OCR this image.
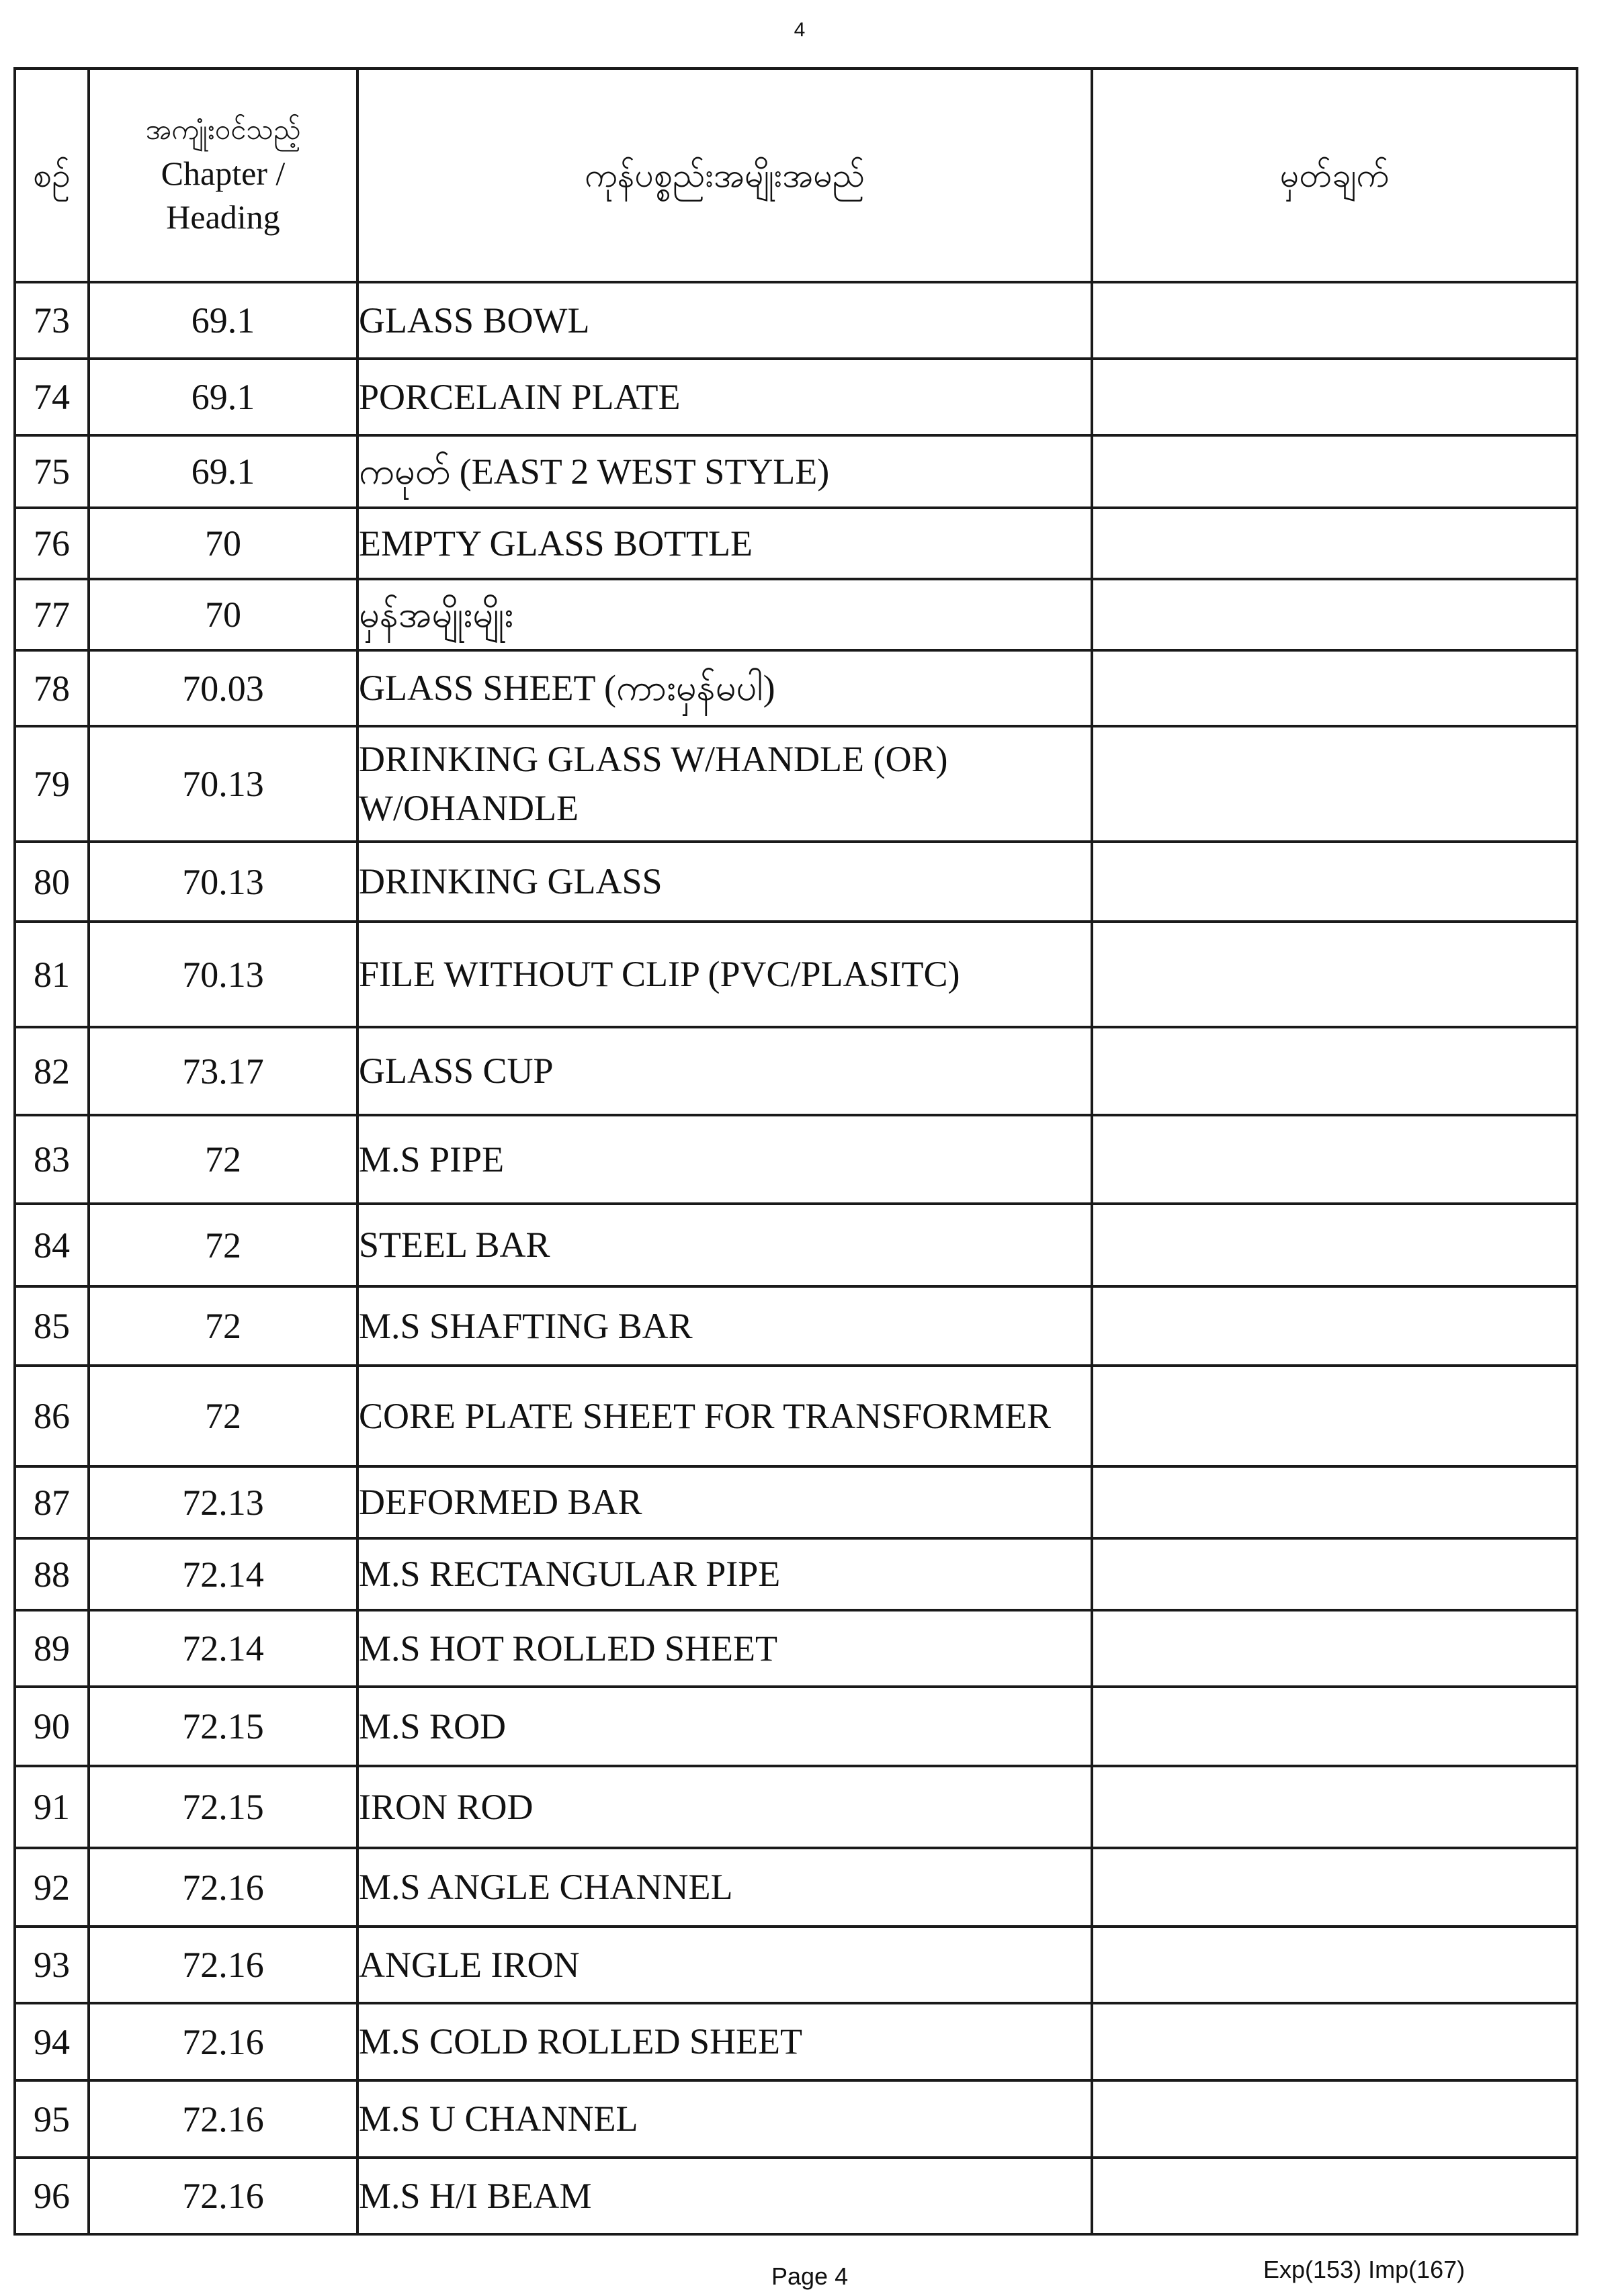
4
စဉ်	အကျုံးဝင်သည့်
Chapter /
Heading	ကုန်ပစ္စည်းအမျိုးအမည်	မှတ်ချက်
73	69.1	GLASS BOWL	
74	69.1	PORCELAIN PLATE	
75	69.1	ကမုတ် (EAST 2 WEST STYLE)	
76	70	EMPTY GLASS BOTTLE	
77	70	မှန်အမျိုးမျိုး	
78	70.03	GLASS SHEET (ကားမှန်မပါ)	
79	70.13	DRINKING GLASS W/HANDLE (OR) W/OHANDLE	
80	70.13	DRINKING GLASS	
81	70.13	FILE WITHOUT CLIP (PVC/PLASITC)	
82	73.17	GLASS CUP	
83	72	M.S PIPE	
84	72	STEEL BAR	
85	72	M.S SHAFTING BAR	
86	72	CORE PLATE SHEET FOR TRANSFORMER	
87	72.13	DEFORMED BAR	
88	72.14	M.S RECTANGULAR PIPE	
89	72.14	M.S HOT ROLLED SHEET	
90	72.15	M.S ROD	
91	72.15	IRON ROD	
92	72.16	M.S ANGLE CHANNEL	
93	72.16	ANGLE IRON	
94	72.16	M.S COLD ROLLED SHEET	
95	72.16	M.S U CHANNEL	
96	72.16	M.S H/I BEAM	
Page 4	Exp(153) Imp(167)
